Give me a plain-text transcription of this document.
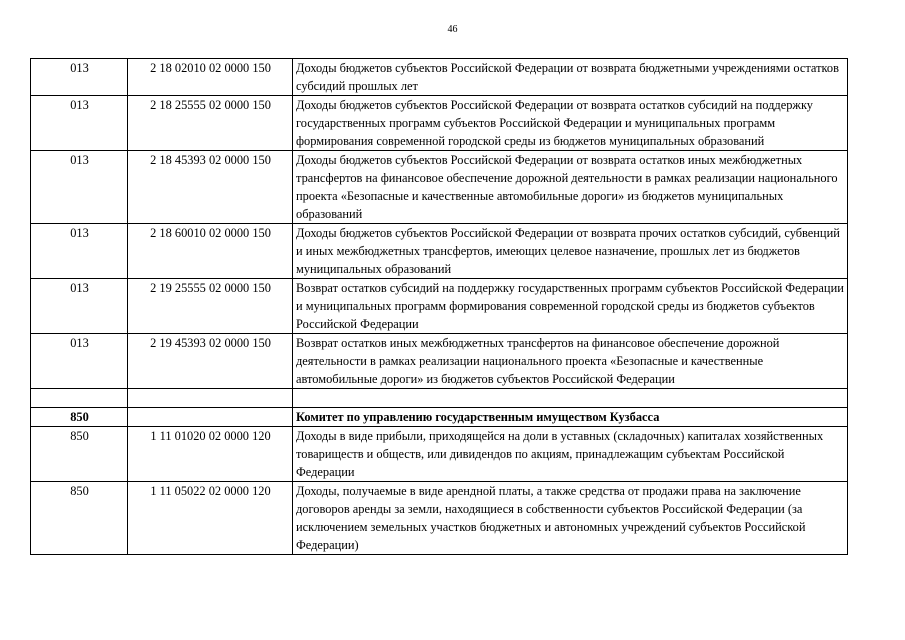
46
013	2 18 02010 02 0000 150	Доходы бюджетов субъектов Российской Федерации от возврата бюджетными учреждениями остатков субсидий прошлых лет
013	2 18 25555 02 0000 150	Доходы бюджетов субъектов Российской Федерации от возврата остатков субсидий на поддержку государственных программ субъектов Российской Федерации и муниципальных программ формирования современной городской среды из бюджетов муниципальных образований
013	2 18 45393 02 0000 150	Доходы бюджетов субъектов Российской Федерации от возврата остатков иных межбюджетных трансфертов на финансовое обеспечение дорожной деятельности в рамках реализации национального проекта «Безопасные и качественные автомобильные дороги» из бюджетов муниципальных образований
013	2 18 60010 02 0000 150	Доходы бюджетов субъектов Российской Федерации от возврата прочих остатков субсидий, субвенций и иных межбюджетных трансфертов, имеющих целевое назначение, прошлых лет из бюджетов муниципальных образований
013	2 19 25555 02 0000 150	Возврат остатков субсидий на поддержку государственных программ субъектов Российской Федерации и муниципальных программ формирования современной городской среды из бюджетов субъектов Российской Федерации
013	2 19 45393 02 0000 150	Возврат остатков иных межбюджетных трансфертов на финансовое обеспечение дорожной деятельности в рамках реализации национального проекта «Безопасные и качественные автомобильные дороги» из бюджетов субъектов Российской Федерации

850		Комитет по управлению государственным имуществом Кузбасса
850	1 11 01020 02 0000 120	Доходы в виде прибыли, приходящейся на доли в уставных (складочных) капиталах хозяйственных товариществ и обществ, или дивидендов по акциям, принадлежащим субъектам Российской Федерации
850	1 11 05022 02 0000 120	Доходы, получаемые в виде арендной платы, а также средства от продажи права на заключение договоров аренды за земли, находящиеся в собственности субъектов Российской Федерации (за исключением земельных участков бюджетных и автономных учреждений субъектов Российской Федерации)
